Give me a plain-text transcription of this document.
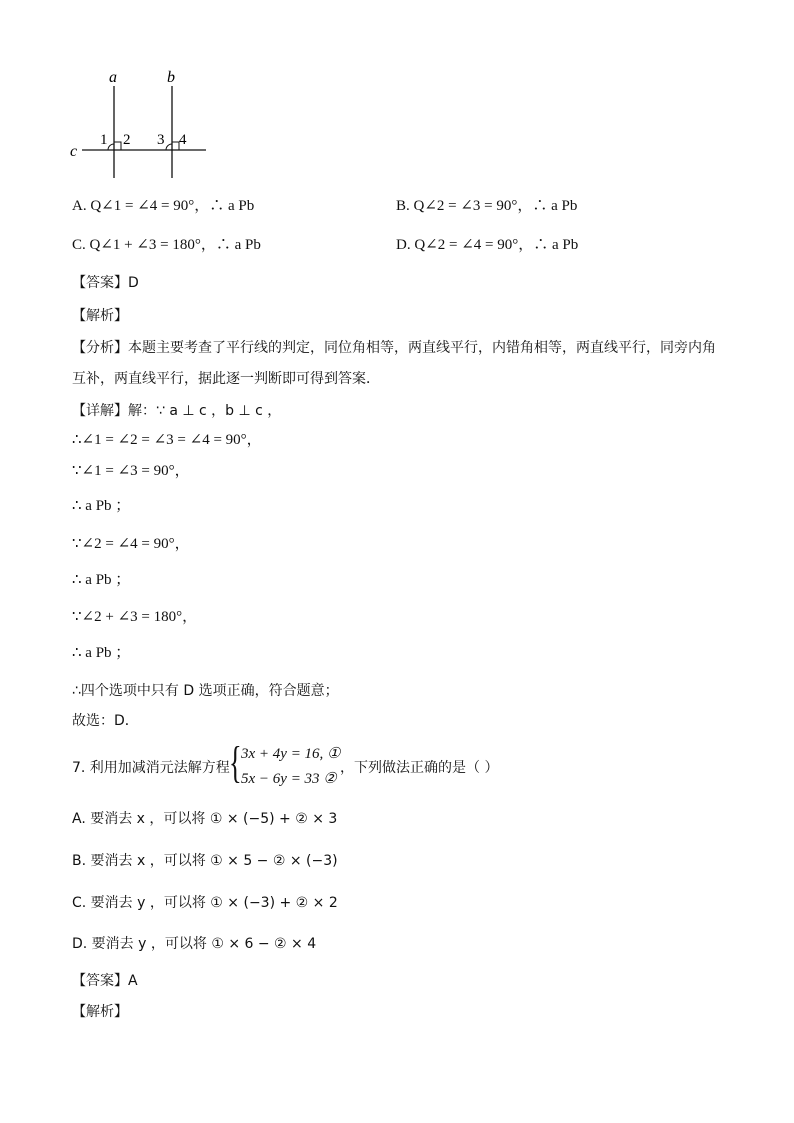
a	b
c
1 2 3 4
A. Q∠1 = ∠4 = 90°，∴ a Pb	B. Q∠2 = ∠3 = 90°，∴ a Pb
C. Q∠1 + ∠3 = 180°，∴ a Pb	D. Q∠2 = ∠4 = 90°，∴ a Pb
【答案】D
【解析】
【分析】本题主要考查了平行线的判定，同位角相等，两直线平行，内错角相等，两直线平行，同旁内角
互补，两直线平行，据此逐一判断即可得到答案．
【详解】解：∵ a ⊥ c ，b ⊥ c ，
∴∠1 = ∠2 = ∠3 = ∠4 = 90°，
∵∠1 = ∠3 = 90°，
∴ a Pb ；
∵∠2 = ∠4 = 90°，
∴ a Pb ；
∵∠2 + ∠3 = 180°，
∴ a Pb ；
∴四个选项中只有 D 选项正确，符合题意；
故选：D．
7. 利用加减消元法解方程 { 3x + 4y = 16, ①
5x − 6y = 33 ②
，下列做法正确的是（ ）
A. 要消去 x ，可以将 ① × (−5) + ② × 3
B. 要消去 x ，可以将 ① × 5 − ② × (−3)
C. 要消去 y ，可以将 ① × (−3) + ② × 2
D. 要消去 y ，可以将 ① × 6 − ② × 4
【答案】A
【解析】
